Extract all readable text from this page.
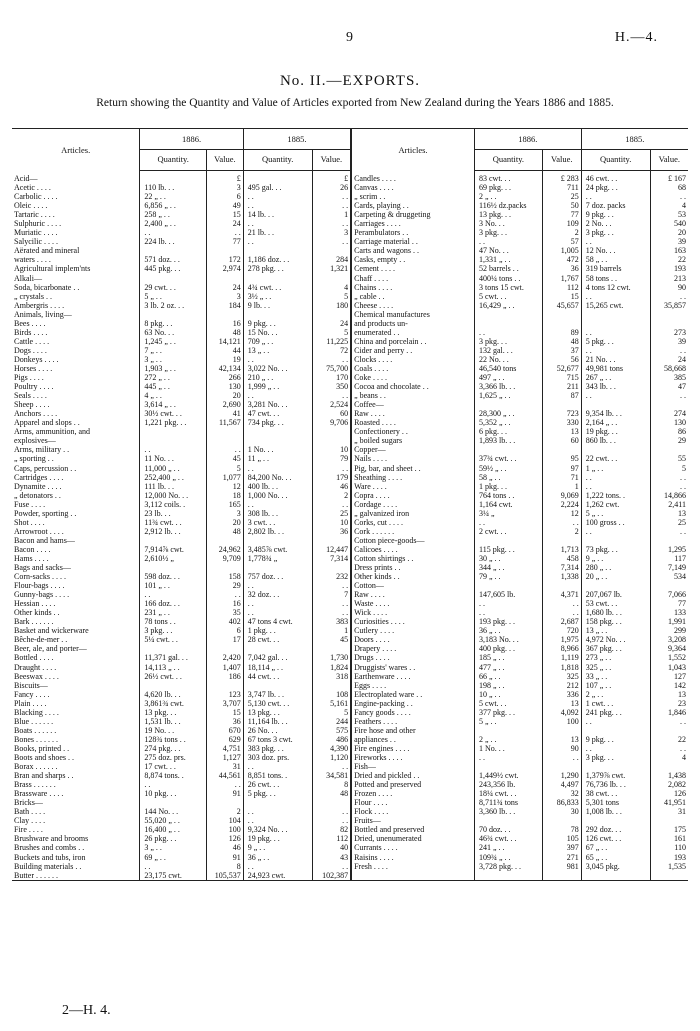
9	H.—4.
No. II.—EXPORTS.
Return showing the Quantity and Value of Articles exported from New Zealand during the Years 1886 and 1885.
Articles.	1886.		1885.		Articles.	1886.		1885.	
	Quantity.	Value.	Quantity.	Value.		Quantity.	Value.	Quantity.	Value.
Acid—		£		£	Candles . . . .	83 cwt. . .	£ 283	46 cwt. . .	£ 167
Acetic . . . .	110 lb. . .	3	495 gal. . .	26	Canvas . . . .	69 pkg. . .	711	24 pkg. . .	68
Carbolic . . . .	22 „ . .	6	. .	. .	„ scrim . .	2 „ . .	25	. .	. .
Oleic . . . .	6,856 „ . .	49	. .	. .	Cards, playing . .	116½ dz.packs	50	7 doz. packs	4
Tartaric . . . .	258 „ . .	15	14 lb. . .	1	Carpeting & druggeting	13 pkg. . .	77	9 pkg. . .	53
Sulphuric . . . .	2,400 „ . .	24	. .	. .	Carriages . . . .	3 No. . .	109	2 No. . .	540
Muriatic . . . .	. .	. .	21 lb. . .	3	Perambulators . .	3 pkg. . .	2	3 pkg. . .	20
Salycilic . . . .	224 lb. . .	77	. .	. .	Carriage material . .	. .	57	. .	39
Aërated and mineral					Carts and wagons . .	47 No. . .	1,005	12 No. . .	163
waters . . . .	571 doz. . .	172	1,186 doz. . .	284	Casks, empty . .	1,331 „ . .	472	58 „ . .	22
Agricultural implem'nts	445 pkg. . .	2,974	278 pkg. . .	1,321	Cement . . . .	52 barrels . .	36	319 barrels	193
Alkali—					Chaff . . . .	400¼ tons . .	1,767	58 tons . .	213
Soda, bicarbonate . .	29 cwt. . .	24	4¾ cwt. . .	4	Chains . . . .	3 tons 15 cwt.	112	4 tons 12 cwt.	90
„ crystals . .	5 „ . .	3	3½ „ . .	5	„ cable . .	5 cwt. . .	15	. .	. .
Ambergris . . . .	3 lb. 2 oz. . .	184	9 lb. . .	180	Cheese . . . .	16,429 „ . .	45,657	15,265 cwt.	35,857
Animals, living—					Chemical manufactures				
Bees . . . .	8 pkg. . .	16	9 pkg. . .	24	and products un-				
Birds . . . .	63 No. . .	48	15 No. . .	5	enumerated . .	. .	89	. .	273
Cattle . . . .	1,245 „ . .	14,121	709 „ . .	11,225	China and porcelain . .	3 pkg. . .	48	5 pkg. . .	39
Dogs . . . .	7 „ . .	44	13 „ . .	72	Cider and perry . .	132 gal. . .	37	. .	. .
Donkeys . . . .	3 „ . .	19	. .	. .	Clocks . . . .	22 No. . .	56	21 No. . .	24
Horses . . . .	1,903 „ . .	42,134	3,022 No. . .	75,700	Coals . . . .	46,540 tons	52,677	49,981 tons	58,668
Pigs . . . .	272 „ . .	266	210 „ . .	170	Coke . . . .	497 „ . .	715	267 „ . .	385
Poultry . . . .	445 „ . .	130	1,999 „ . .	350	Cocoa and chocolate . .	3,366 lb. . .	211	343 lb. . .	47
Seals . . . .	4 „ . .	20	. .	. .	„ beans . .	1,625 „ . .	87	. .	. .
Sheep . . . .	3,614 „ . .	2,690	3,281 No. . .	2,524	Coffee—				
Anchors . . . .	30½ cwt. . .	41	47 cwt. . .	60	Raw . . . .	28,300 „ . .	723	9,354 lb. . .	274
Apparel and slops . .	1,221 pkg. . .	11,567	734 pkg. . .	9,706	Roasted . . . .	5,352 „ . .	330	2,164 „ . .	130
Arms, ammunition, and					Confectionery . .	6 pkg. . .	13	19 pkg. . .	86
explosives—					„ boiled sugars	1,893 lb. . .	60	860 lb. . .	29
Arms, military . .	. .	. .	1 No. . .	10	Copper—				
„ sporting . .	11 No. . .	45	11 „ . .	79	Nails . . . .	37¾ cwt. . .	95	22 cwt. . .	55
Caps, percussion . .	11,000 „ . .	5	. .	. .	Pig, bar, and sheet . .	59½ „ . .	97	1 „ . .	5
Cartridges . . . .	252,400 „ . .	1,077	84,200 No. . .	179	Sheathing . . . .	58 „ . .	71	. .	. .
Dynamite . . . .	111 lb. . .	12	400 lb. . .	46	Ware . . . .	1 pkg. . .	1	. .	. .
„ detonators . .	12,000 No. . .	18	1,000 No. . .	2	Copra . . . .	764 tons . .	9,069	1,222 tons. .	14,866
Fuse . . . .	3,112 coils. .	165	. .	. .	Cordage . . . .	1,164 cwt.	2,224	1,262 cwt.	2,411
Powder, sporting . .	23 lb. . .	3	308 lb. . .	25	„ galvanized iron	3¼ „	12	5 „ . .	13
Shot . . . .	11¾ cwt. . .	20	3 cwt. . .	10	Corks, cut . . . .	. .	. .	100 gross . .	25
Arrowroot . . . .	2,912 lb. . .	48	2,802 lb. . .	36	Cork . . . . . .	2 cwt. . .	2	. .	. .
Bacon and hams—					Cotton piece-goods—				
Bacon . . . .	7,914⅞ cwt.	24,962	3,485⅞ cwt.	12,447	Calicoes . . . .	115 pkg. . .	1,713	73 pkg. . .	1,295
Hams . . . .	2,610½ „	9,709	1,778¾ „	7,314	Cotton shirtings . .	30 „ . .	458	9 „ . .	117
Bags and sacks—					Dress prints . .	344 „ . .	7,314	280 „ . .	7,149
Corn-sacks . . . .	598 doz. . .	158	757 doz. . .	232	Other kinds . .	79 „ . .	1,338	20 „ . .	534
Flour-bags . . . .	101 „ . .	29	. .	. .	Cotton—				
Gunny-bags . . . .	. .	. .	32 doz. . .	7	Raw . . . .	147,605 lb.	4,371	207,067 lb.	7,066
Hessian . . . .	166 doz. . .	16	. .	. .	Waste . . . .	. .	. .	53 cwt. . .	77
Other kinds . .	231 „ . .	35	. .	. .	Wick . . . .	. .	. .	1,680 lb. . .	133
Bark . . . . . .	78 tons . .	402	47 tons 4 cwt.	383	Curiosities . . . .	193 pkg. . .	2,687	158 pkg. . .	1,991
Basket and wickerware	3 pkg. . .	6	1 pkg. . .	1	Cutlery . . . .	36 „ . .	720	13 „ . .	299
Bêche-de-mer . .	5¼ cwt. . .	17	28 cwt. . .	45	Doors . . . .	3,183 No. . .	1,975	4,972 No. . .	3,208
Beer, ale, and porter—					Drapery . . . .	400 pkg. . .	8,966	367 pkg. . .	9,364
Bottled . . . .	11,371 gal. . .	2,420	7,042 gal. . .	1,730	Drugs . . . .	185 „ . .	1,119	273 „ . .	1,552
Draught . . . .	14,113 „ . .	1,407	18,114 „ . .	1,824	Druggists' wares . .	477 „ . .	1,818	325 „ . .	1,043
Beeswax . . . .	26½ cwt. . .	186	44 cwt. . .	318	Earthenware . . . .	66 „ . .	325	33 „ . .	127
Biscuits—					Eggs . . . .	198 „ . .	212	107 „ . .	142
Fancy . . . .	4,620 lb. . .	123	3,747 lb. . .	108	Electroplated ware . .	10 „ . .	336	2 „ . .	13
Plain . . . .	3,861¾ cwt.	3,707	5,130 cwt. . .	5,161	Engine-packing . .	5 cwt. . .	13	1 cwt. . .	23
Blacking . . . .	13 pkg. . .	15	13 pkg. . .	5	Fancy goods . . . .	377 pkg. . .	4,092	241 pkg. . .	1,846
Blue . . . . . .	1,531 lb. . .	36	11,164 lb. . .	244	Feathers . . . .	5 „ . .	100	. .	. .
Boats . . . . . .	19 No. . .	670	26 No. . .	575	Fire hose and other				
Bones . . . . . .	128¾ tons . .	629	67 tons 3 cwt.	486	appliances . .	2 „ . .	13	9 pkg. . .	22
Books, printed . .	274 pkg. . .	4,751	383 pkg. . .	4,390	Fire engines . . . .	1 No. . .	90	. .	. .
Boots and shoes . .	275 doz. prs.	1,127	303 doz. prs.	1,120	Fireworks . . . .	. .	. .	3 pkg. . .	4
Borax . . . . . .	17 cwt. . .	31	. .	. .	Fish—				
Bran and sharps . .	8,874 tons. .	44,561	8,851 tons. .	34,581	Dried and pickled . .	1,449½ cwt.	1,290	1,379⅞ cwt.	1,438
Brass . . . . . .	. .	. .	26 cwt. . .	8	Potted and preserved	243,356 lb.	4,497	76,736 lb. . .	2,082
Brassware . . . .	10 pkg. . .	91	5 pkg. . .	48	Frozen . . . .	18¼ cwt. . .	32	38 cwt. . .	126
Bricks—					Flour . . . .	8,711¾ tons	86,833	5,301 tons	41,951
Bath . . . .	144 No. . .	2	. .	. .	Flock . . . .	3,360 lb. . .	30	1,008 lb. . .	31
Clay . . . .	55,020 „ . .	104	. .	. .	Fruits—				
Fire . . . .	16,400 „ . .	100	9,324 No. . .	82	Bottled and preserved	70 doz. . .	78	292 doz. . .	175
Brushware and brooms	26 pkg. . .	126	19 pkg. . .	112	Dried, unenumerated	46¾ cwt. . .	105	126 cwt. . .	161
Brushes and combs . .	3 „ . .	46	9 „ . .	40	Currants . . . .	241 „ . .	397	67 „ . .	110
Buckets and tubs, iron	69 „ . .	91	36 „ . .	43	Raisins . . . .	109¾ „ . .	271	65 „ . .	193
Building materials . .	. .	8	. .	. .	Fresh . . . .	3,728 pkg. . .	981	3,045 pkg.	1,535
Butter . . . . . .	23,175 cwt.	105,537	24,923 cwt.	102,387					
2—H. 4.
